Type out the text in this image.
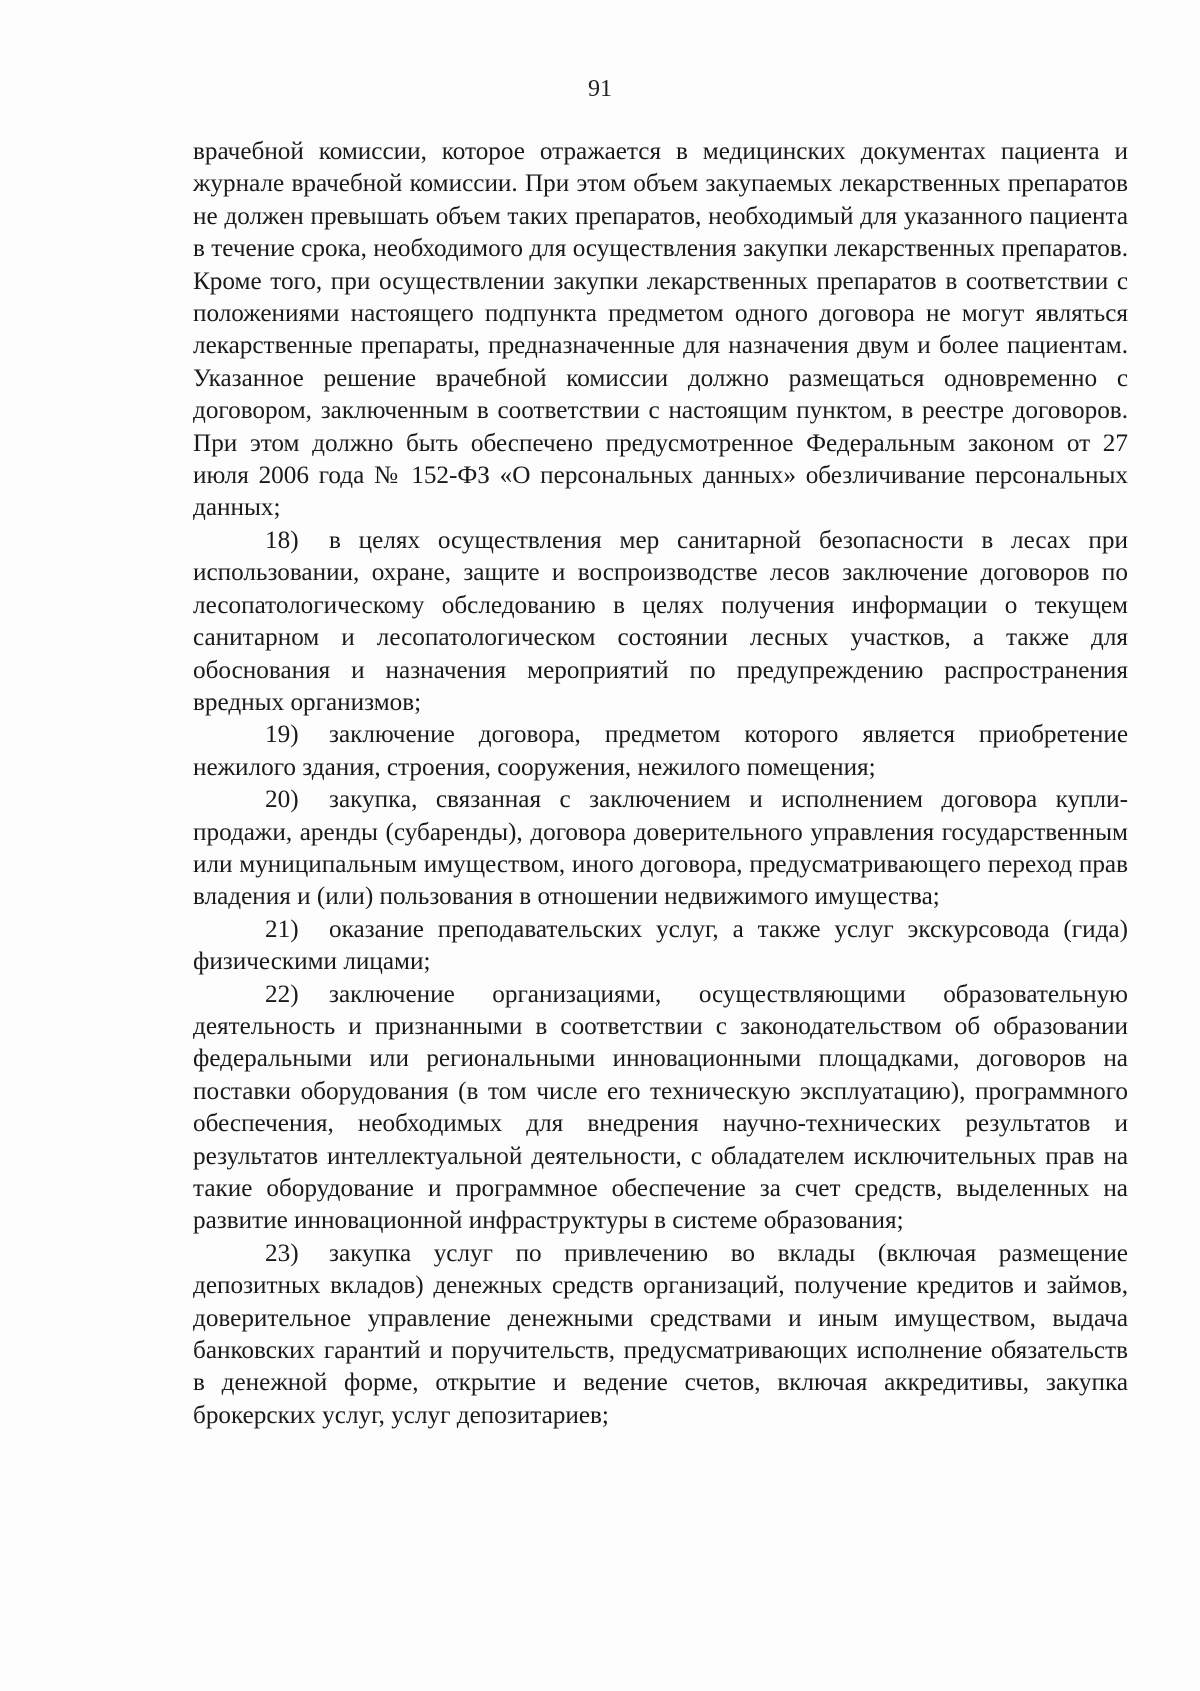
91

врачебной комиссии, которое отражается в медицинских документах пациента и журнале врачебной комиссии. При этом объем закупаемых лекарственных препаратов не должен превышать объем таких препаратов, необходимый для указанного пациента в течение срока, необходимого для осуществления закупки лекарственных препаратов. Кроме того, при осуществлении закупки лекарственных препаратов в соответствии с положениями настоящего подпункта предметом одного договора не могут являться лекарственные препараты, предназначенные для назначения двум и более пациентам. Указанное решение врачебной комиссии должно размещаться одновременно с договором, заключенным в соответствии с настоящим пунктом, в реестре договоров. При этом должно быть обеспечено предусмотренное Федеральным законом от 27 июля 2006 года № 152-ФЗ «О персональных данных» обезличивание персональных данных;

18) в целях осуществления мер санитарной безопасности в лесах при использовании, охране, защите и воспроизводстве лесов заключение договоров по лесопатологическому обследованию в целях получения информации о текущем санитарном и лесопатологическом состоянии лесных участков, а также для обоснования и назначения мероприятий по предупреждению распространения вредных организмов;

19) заключение договора, предметом которого является приобретение нежилого здания, строения, сооружения, нежилого помещения;

20) закупка, связанная с заключением и исполнением договора купли- продажи, аренды (субаренды), договора доверительного управления государственным или муниципальным имуществом, иного договора, предусматривающего переход прав владения и (или) пользования в отношении недвижимого имущества;

21) оказание преподавательских услуг, а также услуг экскурсовода (гида) физическими лицами;

22) заключение организациями, осуществляющими образовательную деятельность и признанными в соответствии с законодательством об образовании федеральными или региональными инновационными площадками, договоров на поставки оборудования (в том числе его техническую эксплуатацию), программного обеспечения, необходимых для внедрения научно-технических результатов и результатов интеллектуальной деятельности, с обладателем исключительных прав на такие оборудование и программное обеспечение за счет средств, выделенных на развитие инновационной инфраструктуры в системе образования;

23) закупка услуг по привлечению во вклады (включая размещение депозитных вкладов) денежных средств организаций, получение кредитов и займов, доверительное управление денежными средствами и иным имуществом, выдача банковских гарантий и поручительств, предусматривающих исполнение обязательств в денежной форме, открытие и ведение счетов, включая аккредитивы, закупка брокерских услуг, услуг депозитариев;
